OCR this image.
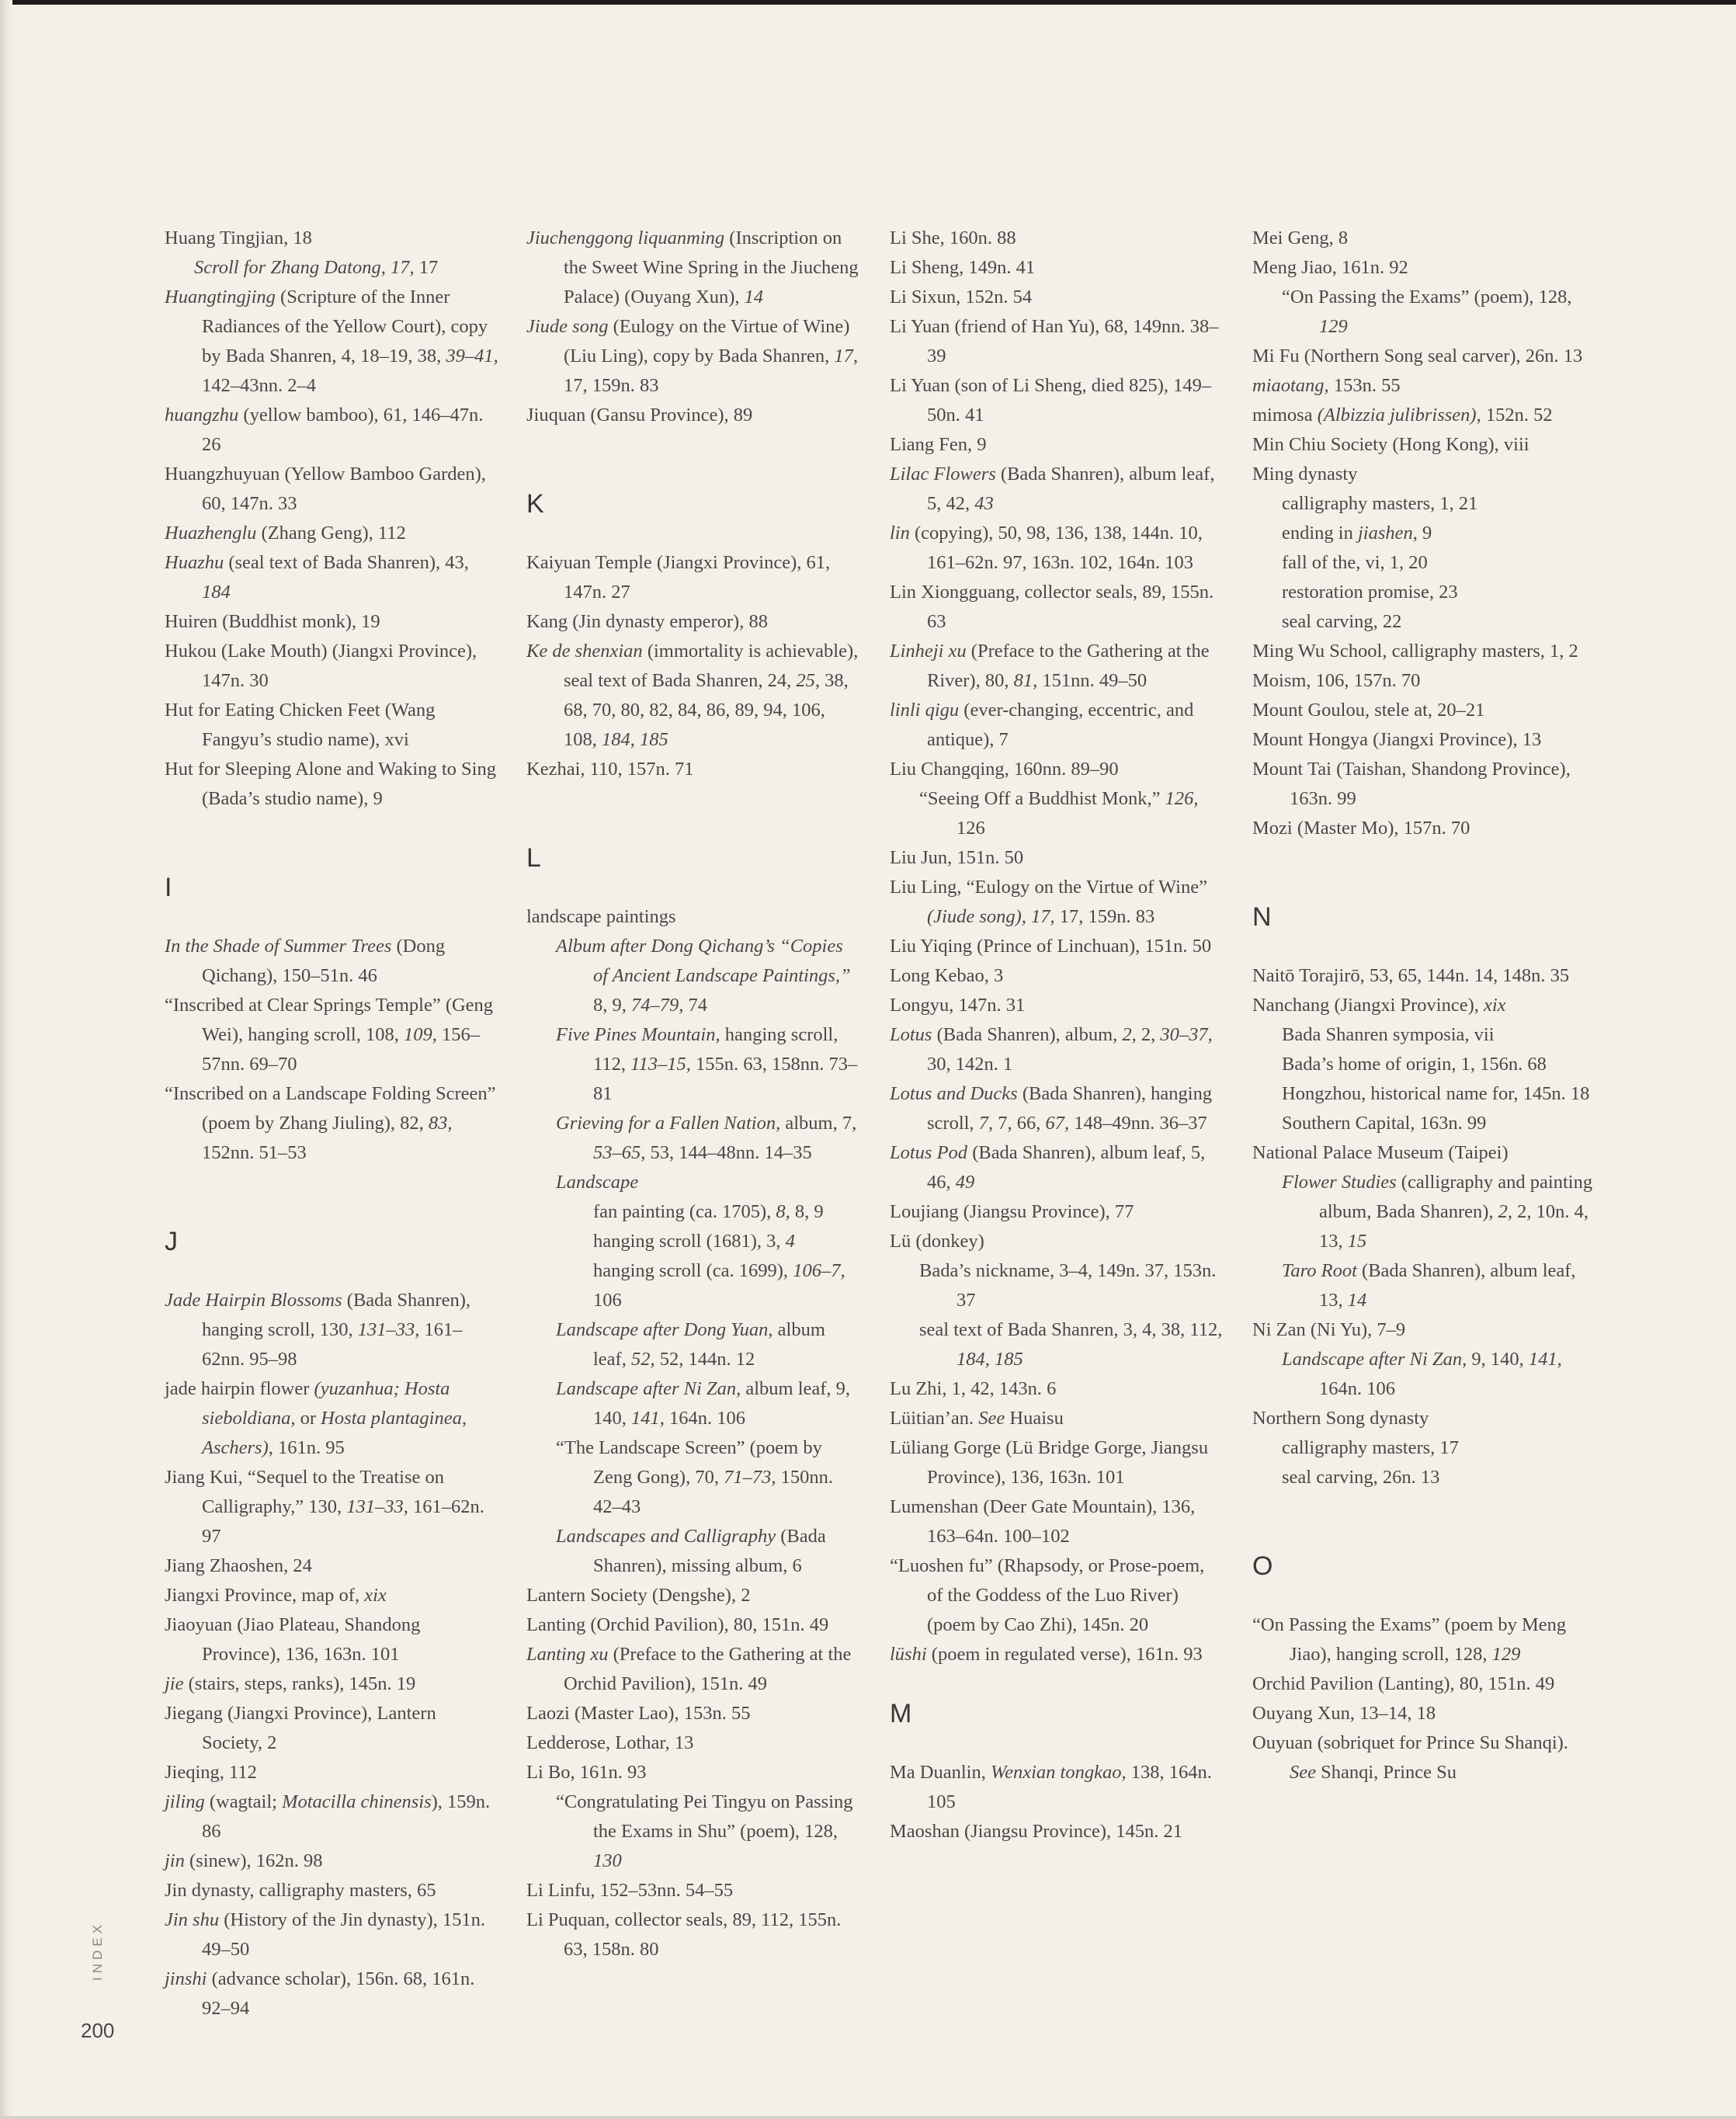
Huang Tingjian, 18
Scroll for Zhang Datong, 17, 17
Huangtingjing (Scripture of the Inner Radiances of the Yellow Court), copy by Bada Shanren, 4, 18–19, 38, 39–41, 142–43nn. 2–4
huangzhu (yellow bamboo), 61, 146–47n. 26
Huangzhuyuan (Yellow Bamboo Garden), 60, 147n. 33
Huazhenglu (Zhang Geng), 112
Huazhu (seal text of Bada Shanren), 43, 184
Huiren (Buddhist monk), 19
Hukou (Lake Mouth) (Jiangxi Province), 147n. 30
Hut for Eating Chicken Feet (Wang Fangyu’s studio name), xvi
Hut for Sleeping Alone and Waking to Sing (Bada’s studio name), 9
I
In the Shade of Summer Trees (Dong Qichang), 150–51n. 46
“Inscribed at Clear Springs Temple” (Geng Wei), hanging scroll, 108, 109, 156–57nn. 69–70
“Inscribed on a Landscape Folding Screen” (poem by Zhang Jiuling), 82, 83, 152nn. 51–53
J
Jade Hairpin Blossoms (Bada Shanren), hanging scroll, 130, 131–33, 161–62nn. 95–98
jade hairpin flower (yuzanhua; Hosta sieboldiana, or Hosta plantaginea, Aschers), 161n. 95
Jiang Kui, “Sequel to the Treatise on Calligraphy,” 130, 131–33, 161–62n. 97
Jiang Zhaoshen, 24
Jiangxi Province, map of, xix
Jiaoyuan (Jiao Plateau, Shandong Province), 136, 163n. 101
jie (stairs, steps, ranks), 145n. 19
Jiegang (Jiangxi Province), Lantern Society, 2
Jieqing, 112
jiling (wagtail; Motacilla chinensis), 159n. 86
jin (sinew), 162n. 98
Jin dynasty, calligraphy masters, 65
Jin shu (History of the Jin dynasty), 151n. 49–50
jinshi (advance scholar), 156n. 68, 161n. 92–94
Jiuchenggong liquanming (Inscription on the Sweet Wine Spring in the Jiucheng Palace) (Ouyang Xun), 14
Jiude song (Eulogy on the Virtue of Wine) (Liu Ling), copy by Bada Shanren, 17, 17, 159n. 83
Jiuquan (Gansu Province), 89
K
Kaiyuan Temple (Jiangxi Province), 61, 147n. 27
Kang (Jin dynasty emperor), 88
Ke de shenxian (immortality is achievable), seal text of Bada Shanren, 24, 25, 38, 68, 70, 80, 82, 84, 86, 89, 94, 106, 108, 184, 185
Kezhai, 110, 157n. 71
L
landscape paintings
Album after Dong Qichang’s “Copies of Ancient Landscape Paintings,” 8, 9, 74–79, 74
Five Pines Mountain, hanging scroll, 112, 113–15, 155n. 63, 158nn. 73–81
Grieving for a Fallen Nation, album, 7, 53–65, 53, 144–48nn. 14–35
Landscape
fan painting (ca. 1705), 8, 8, 9
hanging scroll (1681), 3, 4
hanging scroll (ca. 1699), 106–7, 106
Landscape after Dong Yuan, album leaf, 52, 52, 144n. 12
Landscape after Ni Zan, album leaf, 9, 140, 141, 164n. 106
“The Landscape Screen” (poem by Zeng Gong), 70, 71–73, 150nn. 42–43
Landscapes and Calligraphy (Bada Shanren), missing album, 6
Lantern Society (Dengshe), 2
Lanting (Orchid Pavilion), 80, 151n. 49
Lanting xu (Preface to the Gathering at the Orchid Pavilion), 151n. 49
Laozi (Master Lao), 153n. 55
Ledderose, Lothar, 13
Li Bo, 161n. 93
“Congratulating Pei Tingyu on Passing the Exams in Shu” (poem), 128, 130
Li Linfu, 152–53nn. 54–55
Li Puquan, collector seals, 89, 112, 155n. 63, 158n. 80
Li She, 160n. 88
Li Sheng, 149n. 41
Li Sixun, 152n. 54
Li Yuan (friend of Han Yu), 68, 149nn. 38–39
Li Yuan (son of Li Sheng, died 825), 149–50n. 41
Liang Fen, 9
Lilac Flowers (Bada Shanren), album leaf, 5, 42, 43
lin (copying), 50, 98, 136, 138, 144n. 10, 161–62n. 97, 163n. 102, 164n. 103
Lin Xiongguang, collector seals, 89, 155n. 63
Linheji xu (Preface to the Gathering at the River), 80, 81, 151nn. 49–50
linli qigu (ever-changing, eccentric, and antique), 7
Liu Changqing, 160nn. 89–90
“Seeing Off a Buddhist Monk,” 126, 126
Liu Jun, 151n. 50
Liu Ling, “Eulogy on the Virtue of Wine” (Jiude song), 17, 17, 159n. 83
Liu Yiqing (Prince of Linchuan), 151n. 50
Long Kebao, 3
Longyu, 147n. 31
Lotus (Bada Shanren), album, 2, 2, 30–37, 30, 142n. 1
Lotus and Ducks (Bada Shanren), hanging scroll, 7, 7, 66, 67, 148–49nn. 36–37
Lotus Pod (Bada Shanren), album leaf, 5, 46, 49
Loujiang (Jiangsu Province), 77
Lü (donkey)
Bada’s nickname, 3–4, 149n. 37, 153n. 37
seal text of Bada Shanren, 3, 4, 38, 112, 184, 185
Lu Zhi, 1, 42, 143n. 6
Lüitian’an. See Huaisu
Lüliang Gorge (Lü Bridge Gorge, Jiangsu Province), 136, 163n. 101
Lumenshan (Deer Gate Mountain), 136, 163–64n. 100–102
“Luoshen fu” (Rhapsody, or Prose-poem, of the Goddess of the Luo River) (poem by Cao Zhi), 145n. 20
lüshi (poem in regulated verse), 161n. 93
M
Ma Duanlin, Wenxian tongkao, 138, 164n. 105
Maoshan (Jiangsu Province), 145n. 21
Mei Geng, 8
Meng Jiao, 161n. 92
“On Passing the Exams” (poem), 128, 129
Mi Fu (Northern Song seal carver), 26n. 13
miaotang, 153n. 55
mimosa (Albizzia julibrissen), 152n. 52
Min Chiu Society (Hong Kong), viii
Ming dynasty
calligraphy masters, 1, 21
ending in jiashen, 9
fall of the, vi, 1, 20
restoration promise, 23
seal carving, 22
Ming Wu School, calligraphy masters, 1, 2
Moism, 106, 157n. 70
Mount Goulou, stele at, 20–21
Mount Hongya (Jiangxi Province), 13
Mount Tai (Taishan, Shandong Province), 163n. 99
Mozi (Master Mo), 157n. 70
N
Naitō Torajirō, 53, 65, 144n. 14, 148n. 35
Nanchang (Jiangxi Province), xix
Bada Shanren symposia, vii
Bada’s home of origin, 1, 156n. 68
Hongzhou, historical name for, 145n. 18
Southern Capital, 163n. 99
National Palace Museum (Taipei)
Flower Studies (calligraphy and painting album, Bada Shanren), 2, 2, 10n. 4, 13, 15
Taro Root (Bada Shanren), album leaf, 13, 14
Ni Zan (Ni Yu), 7–9
Landscape after Ni Zan, 9, 140, 141, 164n. 106
Northern Song dynasty
calligraphy masters, 17
seal carving, 26n. 13
O
“On Passing the Exams” (poem by Meng Jiao), hanging scroll, 128, 129
Orchid Pavilion (Lanting), 80, 151n. 49
Ouyang Xun, 13–14, 18
Ouyuan (sobriquet for Prince Su Shanqi). See Shanqi, Prince Su
INDEX
200
